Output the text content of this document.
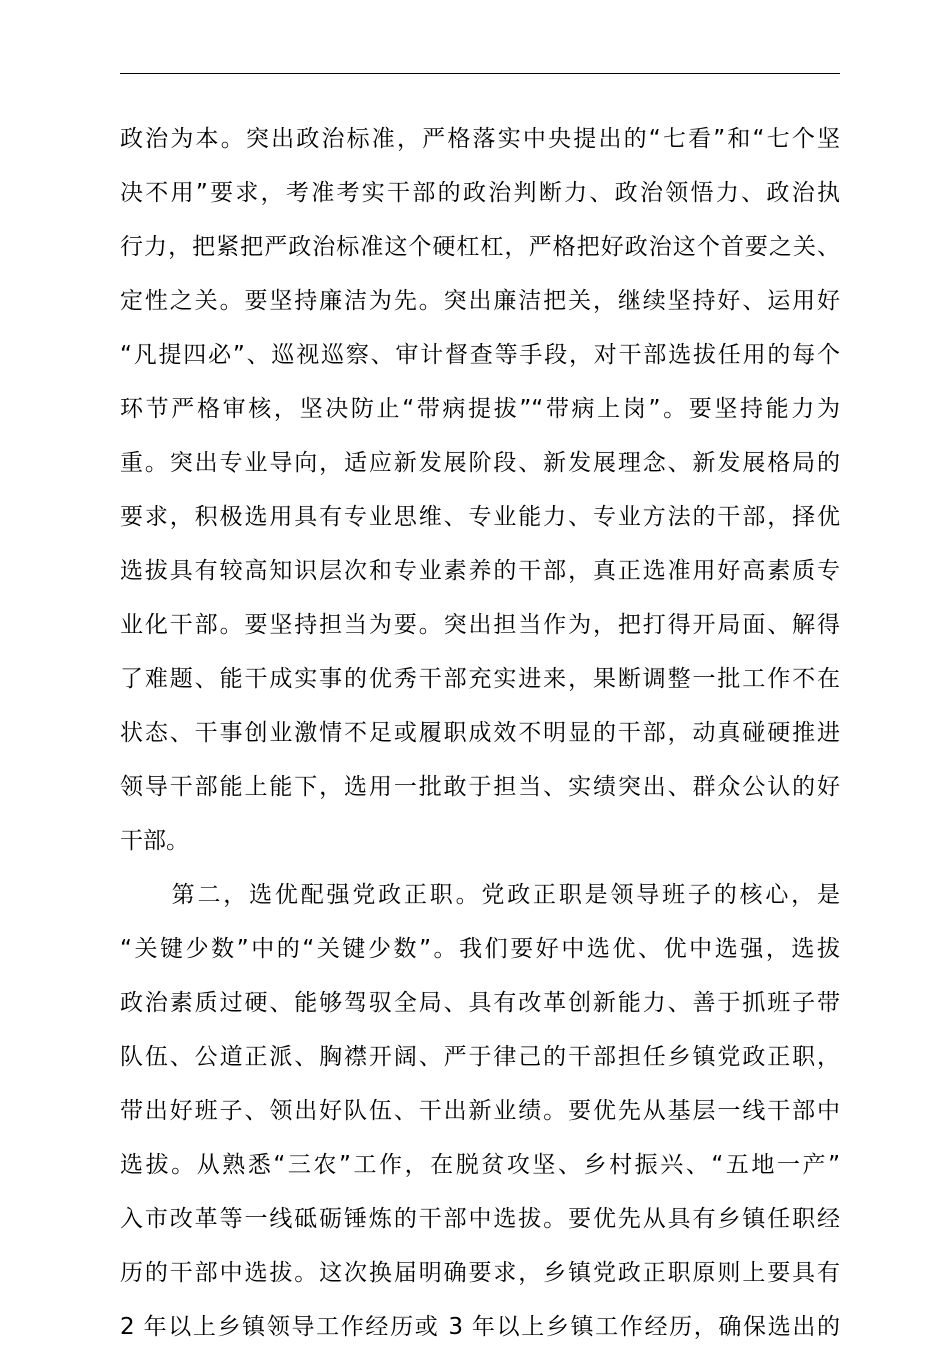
政治为本。突出政治标准，严格落实中央提出的“七看”和“七个坚
决不用”要求，考准考实干部的政治判断力、政治领悟力、政治执
行力，把紧把严政治标准这个硬杠杠，严格把好政治这个首要之关、
定性之关。要坚持廉洁为先。突出廉洁把关，继续坚持好、运用好
“凡提四必”、巡视巡察、审计督查等手段，对干部选拔任用的每个
环节严格审核，坚决防止“带病提拔”“带病上岗”。要坚持能力为
重。突出专业导向，适应新发展阶段、新发展理念、新发展格局的
要求，积极选用具有专业思维、专业能力、专业方法的干部，择优
选拔具有较高知识层次和专业素养的干部，真正选准用好高素质专
业化干部。要坚持担当为要。突出担当作为，把打得开局面、解得
了难题、能干成实事的优秀干部充实进来，果断调整一批工作不在
状态、干事创业激情不足或履职成效不明显的干部，动真碰硬推进
领导干部能上能下，选用一批敢于担当、实绩突出、群众公认的好
干部。
　　第二，选优配强党政正职。党政正职是领导班子的核心，是
“关键少数”中的“关键少数”。我们要好中选优、优中选强，选拔
政治素质过硬、能够驾驭全局、具有改革创新能力、善于抓班子带
队伍、公道正派、胸襟开阔、严于律己的干部担任乡镇党政正职，
带出好班子、领出好队伍、干出新业绩。要优先从基层一线干部中
选拔。从熟悉“三农”工作，在脱贫攻坚、乡村振兴、“五地一产”
入市改革等一线砥砺锤炼的干部中选拔。要优先从具有乡镇任职经
历的干部中选拔。这次换届明确要求，乡镇党政正职原则上要具有
2 年以上乡镇领导工作经历或 3 年以上乡镇工作经历，确保选出的
